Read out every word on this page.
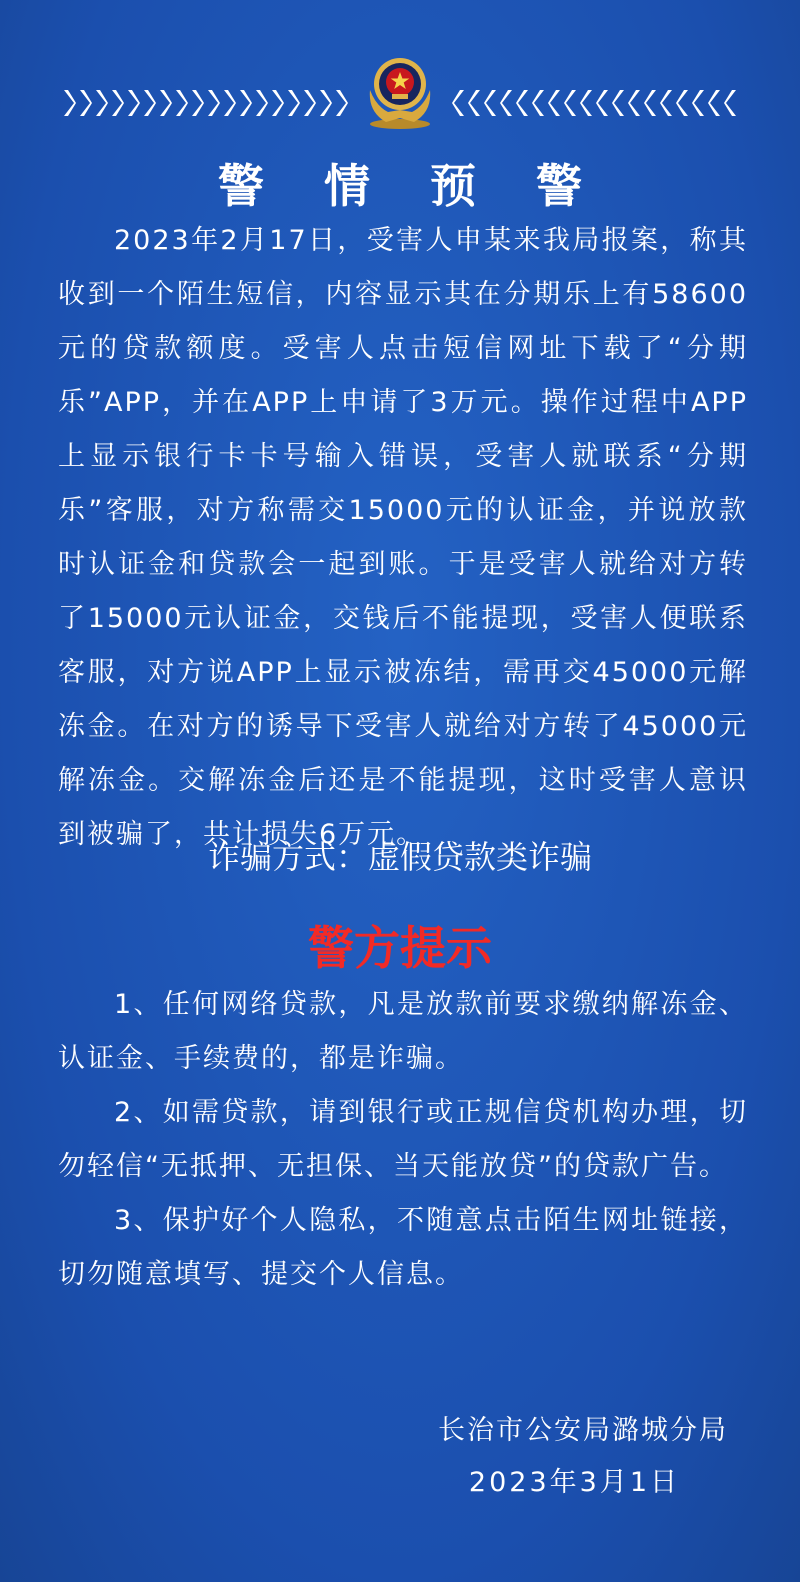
警 情 预 警

2023年2月17日，受害人申某来我局报案，称其收到一个陌生短信，内容显示其在分期乐上有58600元的贷款额度。受害人点击短信网址下载了“分期乐”APP，并在APP上申请了3万元。操作过程中APP上显示银行卡卡号输入错误，受害人就联系“分期乐”客服，对方称需交15000元的认证金，并说放款时认证金和贷款会一起到账。于是受害人就给对方转了15000元认证金，交钱后不能提现，受害人便联系客服，对方说APP上显示被冻结，需再交45000元解冻金。在对方的诱导下受害人就给对方转了45000元解冻金。交解冻金后还是不能提现，这时受害人意识到被骗了，共计损失6万元。

诈骗方式：虚假贷款类诈骗
警方提示

1、任何网络贷款，凡是放款前要求缴纳解冻金、认证金、手续费的，都是诈骗。

2、如需贷款，请到银行或正规信贷机构办理，切勿轻信“无抵押、无担保、当天能放贷”的贷款广告。

3、保护好个人隐私，不随意点击陌生网址链接，切勿随意填写、提交个人信息。

长治市公安局潞城分局
2023年3月1日
